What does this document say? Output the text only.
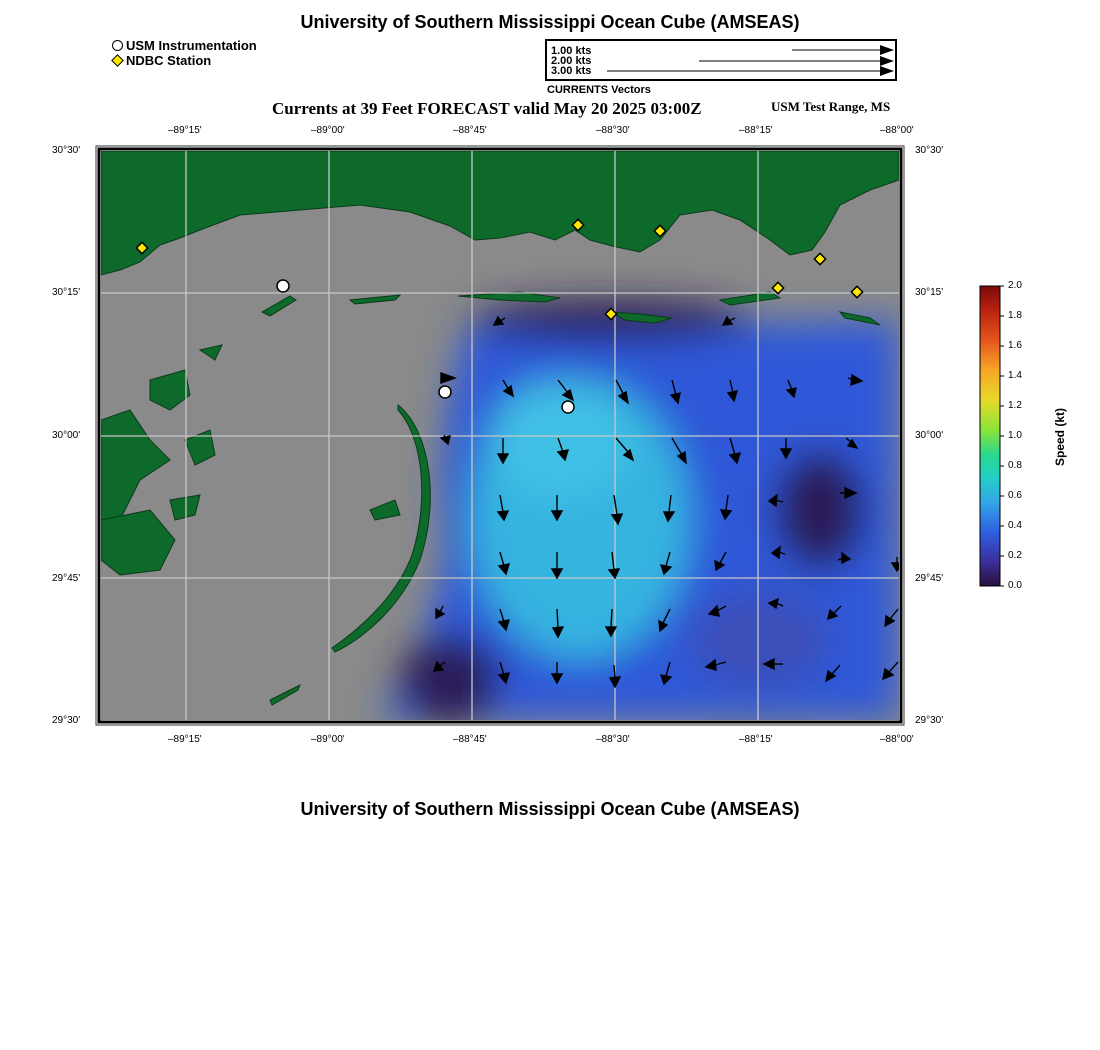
University of Southern Mississippi Ocean Cube (AMSEAS)
USM Instrumentation
NDBC Station
1.00 kts
2.00 kts
3.00 kts
CURRENTS Vectors
Currents at 39 Feet FORECAST valid May 20 2025 03:00Z	USM Test Range, MS
–89°15'	–89°00'	–88°45'	–88°30'	–88°15'	–88°00'
–89°15'	–89°00'	–88°45'	–88°30'	–88°15'	–88°00'
30°30'
30°15'
30°00'
29°45'
29°30'
30°30'
30°15'
30°00'
29°45'
29°30'
2.0
1.8
1.6
1.4
1.2
1.0
0.8
0.6
0.4
0.2
0.0
Speed (kt)
University of Southern Mississippi Ocean Cube (AMSEAS)
